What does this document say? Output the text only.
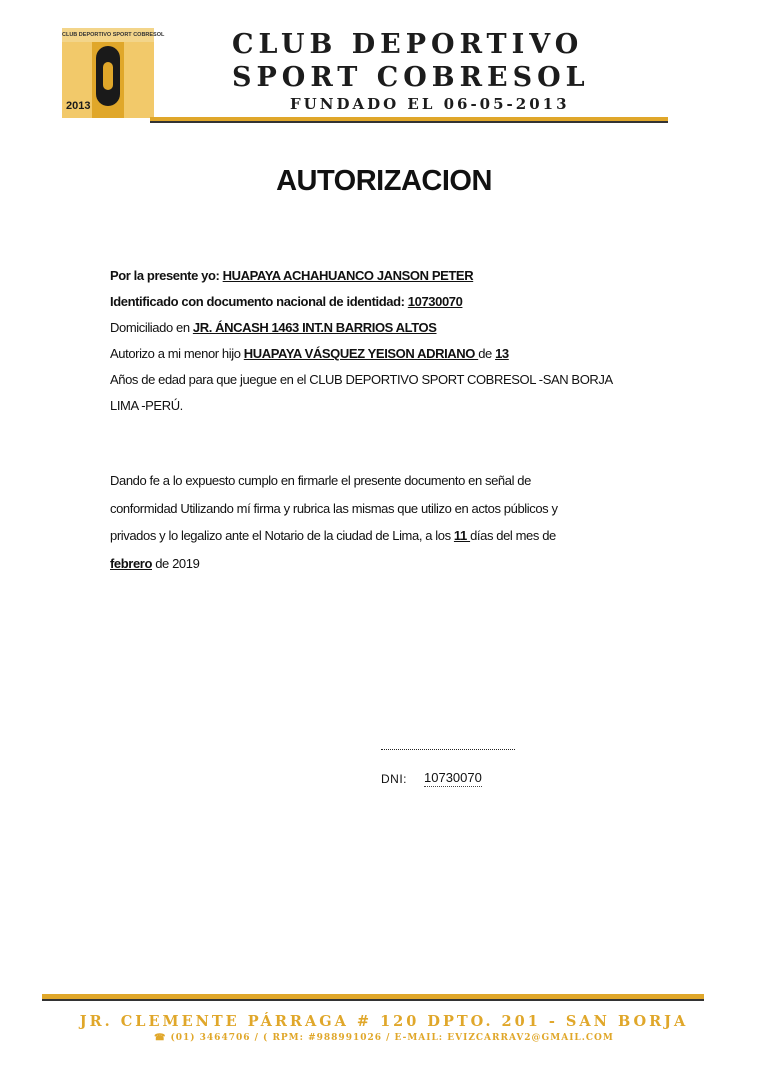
CLUB DEPORTIVO SPORT COBRESOL
2013
CLUB DEPORTIVO
SPORT COBRESOL

FUNDADO EL 06-05-2013

AUTORIZACION
Por la presente yo: HUAPAYA ACHAHUANCO JANSON PETER
Identificado con documento nacional de identidad: 10730070
Domiciliado en JR. ÁNCASH 1463 INT.N BARRIOS ALTOS
Autorizo a mi menor hijo HUAPAYA VÁSQUEZ YEISON ADRIANO de 13
Años de edad para que juegue en el CLUB DEPORTIVO SPORT COBRESOL -SAN BORJA
LIMA -PERÚ.
Dando fe a lo expuesto cumplo en firmarle el presente documento en señal de
conformidad Utilizando mí firma y rubrica las mismas que utilizo en actos públicos y
privados y lo legalizo ante el Notario de la ciudad de Lima, a los 11 días del mes de
febrero de 2019
DNI: 10730070

JR. CLEMENTE PÁRRAGA # 120 DPTO. 201 - SAN BORJA

☎ (01) 3464706 / ( RPM: #988991026 / E-MAIL: EVIZCARRAV2@GMAIL.COM
